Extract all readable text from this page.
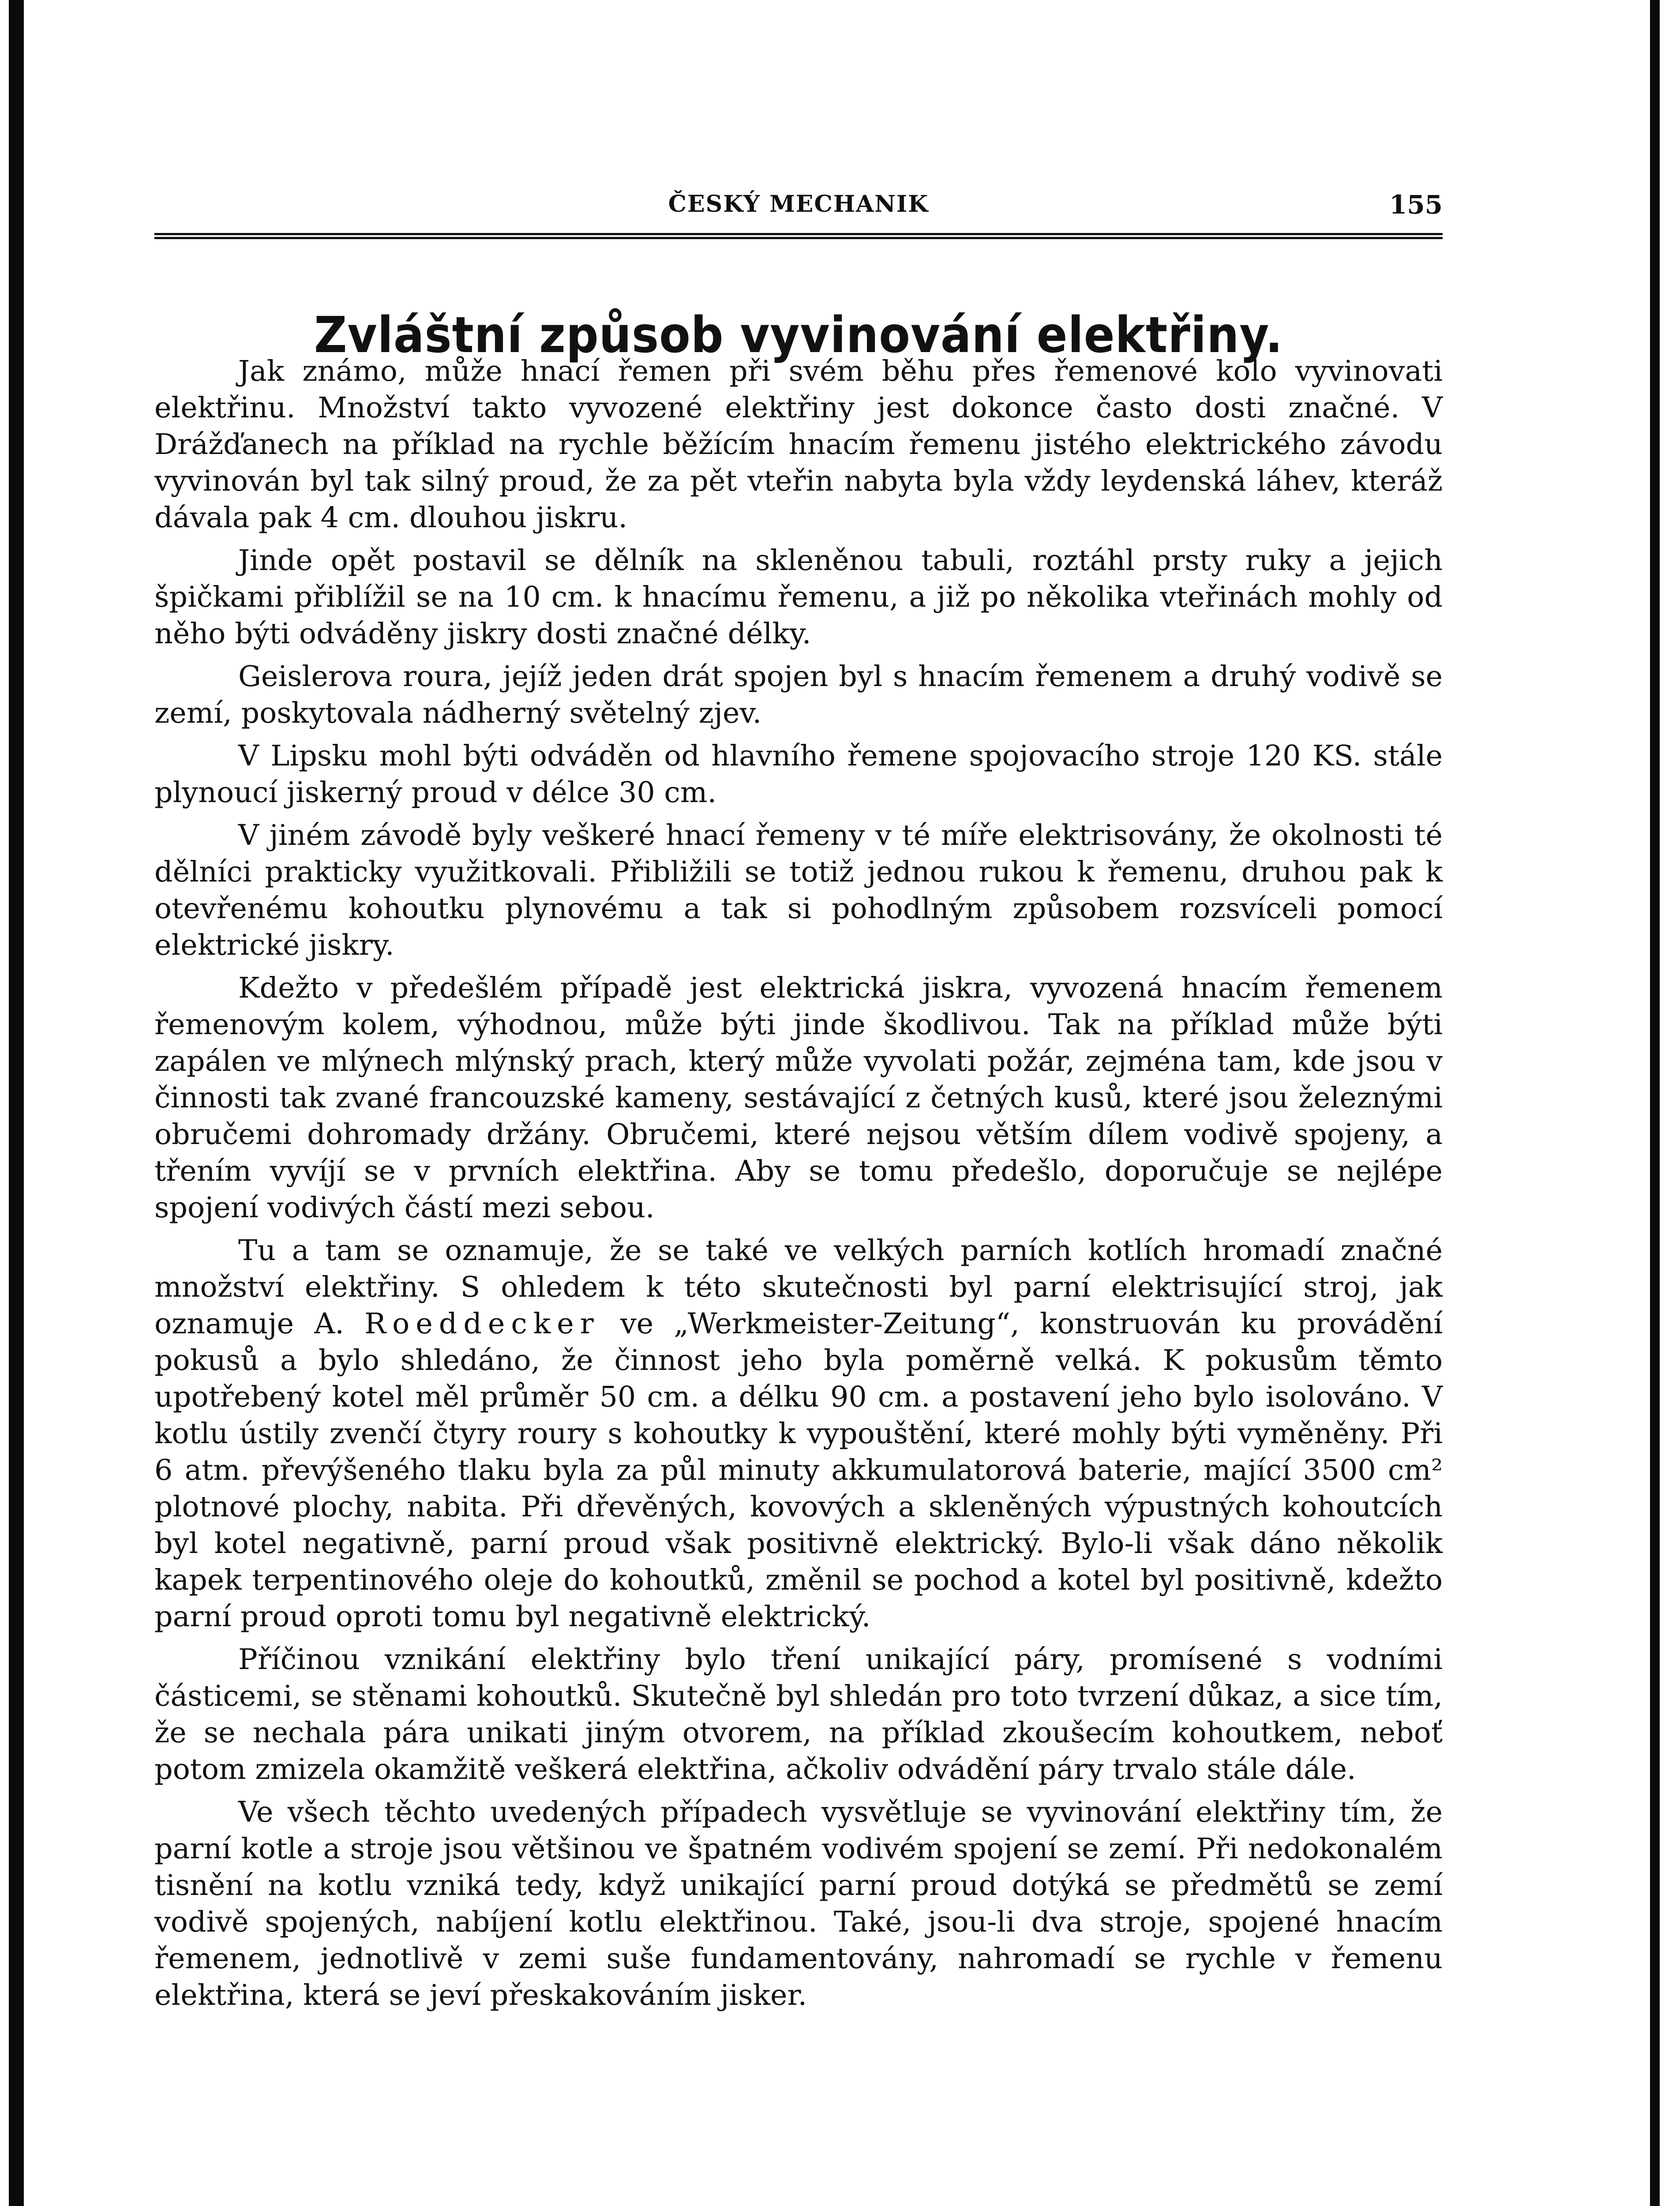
ČESKÝ MECHANIK	155
Zvláštní způsob vyvinování elektřiny.

Jak známo, může hnací řemen při svém běhu přes řemenové kolo vyvinovati elektřinu. Množství takto vyvozené elektřiny jest dokonce často dosti značné. V Drážďanech na příklad na rychle běžícím hnacím řemenu jistého elektrického závodu vyvinován byl tak silný proud, že za pět vteřin nabyta byla vždy leydenská láhev, kteráž dávala pak 4 cm. dlouhou jiskru.

Jinde opět postavil se dělník na skleněnou tabuli, roztáhl prsty ruky a jejich špičkami přiblížil se na 10 cm. k hnacímu řemenu, a již po několika vteřinách mohly od něho býti odváděny jiskry dosti značné délky.

Geislerova roura, jejíž jeden drát spojen byl s hnacím řemenem a druhý vodivě se zemí, poskytovala nádherný světelný zjev.

V Lipsku mohl býti odváděn od hlavního řemene spojovacího stroje 120 KS. stále plynoucí jiskerný proud v délce 30 cm.

V jiném závodě byly veškeré hnací řemeny v té míře elektrisovány, že okolnosti té dělníci prakticky využitkovali. Přibližili se totiž jednou rukou k řemenu, druhou pak k otevřenému kohoutku plynovému a tak si pohodlným způsobem rozsvíceli pomocí elektrické jiskry.

Kdežto v předešlém případě jest elektrická jiskra, vyvozená hnacím řemenem řemenovým kolem, výhodnou, může býti jinde škodlivou. Tak na příklad může býti zapálen ve mlýnech mlýnský prach, který může vyvolati požár, zejména tam, kde jsou v činnosti tak zvané francouzské kameny, sestávající z četných kusů, které jsou železnými obručemi dohromady držány. Obručemi, které nejsou větším dílem vodivě spojeny, a třením vyvíjí se v prvních elektřina. Aby se tomu předešlo, doporučuje se nejlépe spojení vodivých částí mezi sebou.

Tu a tam se oznamuje, že se také ve velkých parních kotlích hromadí značné množství elektřiny. S ohledem k této skutečnosti byl parní elektrisující stroj, jak oznamuje A. Roeddecker ve „Werkmeister-Zeitung“, konstruován ku provádění pokusů a bylo shledáno, že činnost jeho byla poměrně velká. K pokusům těmto upotřebený kotel měl průměr 50 cm. a délku 90 cm. a postavení jeho bylo isolováno. V kotlu ústily zvenčí čtyry roury s kohoutky k vypouštění, které mohly býti vyměněny. Při 6 atm. převýšeného tlaku byla za půl minuty akkumulatorová baterie, mající 3500 cm² plotnové plochy, nabita. Při dřevěných, kovových a skleněných výpustných kohoutcích byl kotel negativně, parní proud však positivně elektrický. Bylo-li však dáno několik kapek terpentinového oleje do kohoutků, změnil se pochod a kotel byl positivně, kdežto parní proud oproti tomu byl negativně elektrický.

Příčinou vznikání elektřiny bylo tření unikající páry, promísené s vodními částicemi, se stěnami kohoutků. Skutečně byl shledán pro toto tvrzení důkaz, a sice tím, že se nechala pára unikati jiným otvorem, na příklad zkoušecím kohoutkem, neboť potom zmizela okamžitě veškerá elektřina, ačkoliv odvádění páry trvalo stále dále.

Ve všech těchto uvedených případech vysvětluje se vyvinování elektřiny tím, že parní kotle a stroje jsou většinou ve špatném vodivém spojení se zemí. Při nedokonalém tisnění na kotlu vzniká tedy, když unikající parní proud dotýká se předmětů se zemí vodivě spojených, nabíjení kotlu elektřinou. Také, jsou-li dva stroje, spojené hnacím řemenem, jednotlivě v zemi suše fundamentovány, nahromadí se rychle v řemenu elektřina, která se jeví přeskakováním jisker.
